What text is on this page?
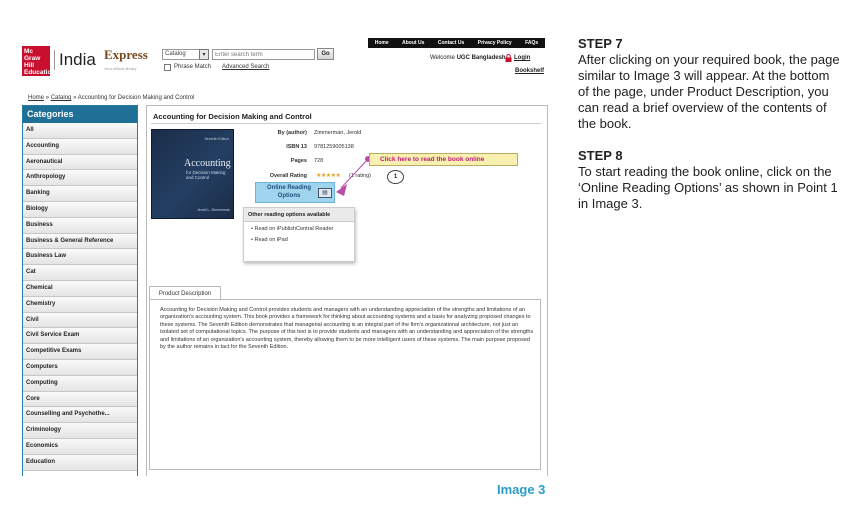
Mc Graw Hill Education
India Express
Your eBook library
Catalog	▾
Enter search term	Go
Phrase Match Advanced Search
Home	About Us	Contact Us	Privacy Policy	FAQs
Welcome UGC Bangladesh Login
Bookshelf
Home » Catalog » Accounting for Decision Making and Control
Categories
All
Accounting
Aeronautical
Anthropology
Banking
Biology
Business
Business & General Reference
Business Law
Cat
Chemical
Chemistry
Civil
Civil Service Exam
Competitive Exams
Computers
Computing
Core
Counselling and Psychothe...
Criminology
Economics
Education
Accounting for Decision Making and Control
Seventh Edition
Accounting
for Decision Making
and Control
Jerold L. Zimmerman
By (author) Zimmerman, Jerold
ISBN 13 9781259005138
Pages 728
Overall Rating ★★★★★ (1 rating)
Online Reading
Options	▤
Click here to read the book online
1
Other reading options available
• Read on iPublishCentral Reader
• Read on iPad
Product Description
Accounting for Decision Making and Control provides students and managers with an understanding appreciation of the strengths and limitations of an organization's accounting system. This book provides a framework for thinking about accounting systems and a basis for analyzing proposed changes to these systems. The Seventh Edition demonstrates that managerial accounting is an integral part of the firm's organizational architecture, not just an isolated set of computational topics. The purpose of this text is to provide students and managers with an understanding and appreciation of the strengths and limitations of an organization's accounting system, thereby allowing them to be more intelligent users of these systems. The main purpose proposed by the author remains in tact for the Seventh Edition.
Image 3
STEP 7
After clicking on your required book, the page similar to Image 3 will appear. At the bottom of the page, under Product Description, you can read a brief overview of the contents of the book.
STEP 8
To start reading the book online, click on the ‘Online Reading Options’ as shown in Point 1 in Image 3.
